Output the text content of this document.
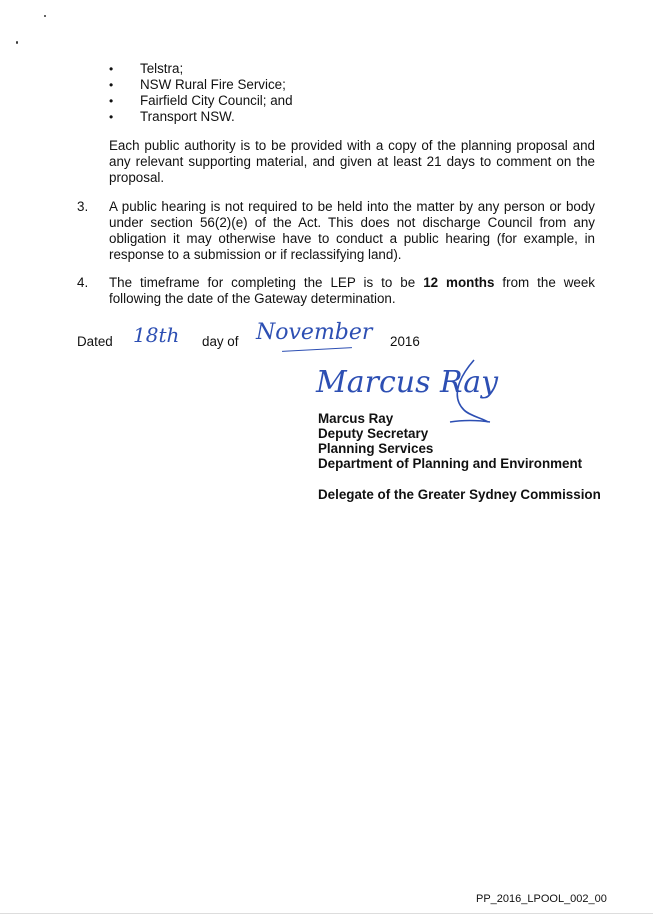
•	Telstra;
•	NSW Rural Fire Service;
•	Fairfield City Council; and
•	Transport NSW.
Each public authority is to be provided with a copy of the planning proposal and any relevant supporting material, and given at least 21 days to comment on the proposal.
3.	A public hearing is not required to be held into the matter by any person or body under section 56(2)(e) of the Act. This does not discharge Council from any obligation it may otherwise have to conduct a public hearing (for example, in response to a submission or if reclassifying land).
4.	The timeframe for completing the LEP is to be 12 months from the week following the date of the Gateway determination.
Dated 18th day of November 2016
Marcus Ray
Marcus Ray
Deputy Secretary
Planning Services
Department of Planning and Environment
Delegate of the Greater Sydney Commission
PP_2016_LPOOL_002_00
